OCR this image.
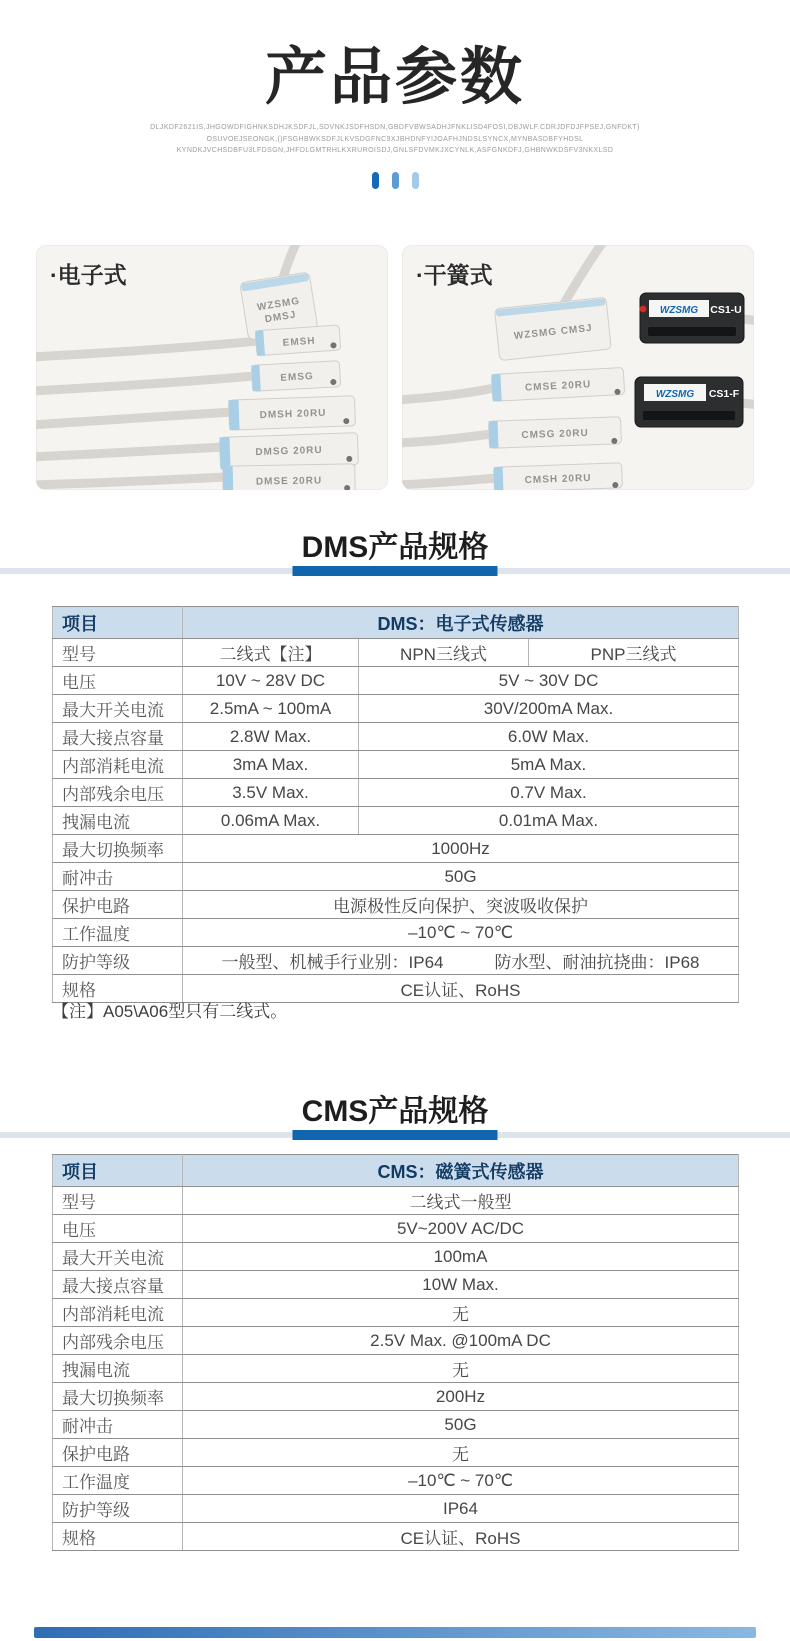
产品参数
DLJKDF2621IS,JHGOWDFIGHNKSDHJKSDFJL,SDVNKJSDFHSDN,GBDFVBWSADHJFNKLISD4FOSI,DBJWLF.CDRJDFDJFPSEJ,GNFDKT)
OSUVOEJSEONGK,()FSGHBWKSDFJLKVSDGFNC9XJBHDNFYIJOAFHJNDSLSYNCX,MYNBASDBFYHDSL
KYNDKJVCHSDBFU3LFDSGN,JHFDLGMTRHLKXRUROISDJ,GNLSFDVMKJXCYNLK,ASFGNKDFJ,GHBNWKDSFV3NKXLSD
·电子式
WZSMG
DMSJ
EMSH
EMSG
DMSH 20RU
DMSG 20RU
DMSE 20RU
·干簧式
WZSMG CMSJ
CMSE 20RU
CMSG 20RU
CMSH 20RU
WZSMG CS1-U
WZSMG CS1-F
DMS产品规格
项目	DMS：电子式传感器		
型号	二线式【注】	NPN三线式	PNP三线式
电压	10V ~ 28V DC	5V ~ 30V DC	
最大开关电流	2.5mA ~ 100mA	30V/200mA Max.	
最大接点容量	2.8W Max.	6.0W Max.	
内部消耗电流	3mA Max.	5mA Max.	
内部残余电压	3.5V Max.	0.7V Max.	
拽漏电流	0.06mA Max.	0.01mA Max.	
最大切换频率	1000Hz		
耐冲击	50G		
保护电路	电源极性反向保护、突波吸收保护		
工作温度	–10℃ ~ 70℃		
防护等级	一般型、机械手行业别：IP64　　　防水型、耐油抗挠曲：IP68		
规格	CE认证、RoHS		
【注】A05\A06型只有二线式。
CMS产品规格
项目	CMS：磁簧式传感器
型号	二线式一般型
电压	5V~200V AC/DC
最大开关电流	100mA
最大接点容量	10W Max.
内部消耗电流	无
内部残余电压	2.5V Max. @100mA DC
拽漏电流	无
最大切换频率	200Hz
耐冲击	50G
保护电路	无
工作温度	–10℃ ~ 70℃
防护等级	IP64
规格	CE认证、RoHS
